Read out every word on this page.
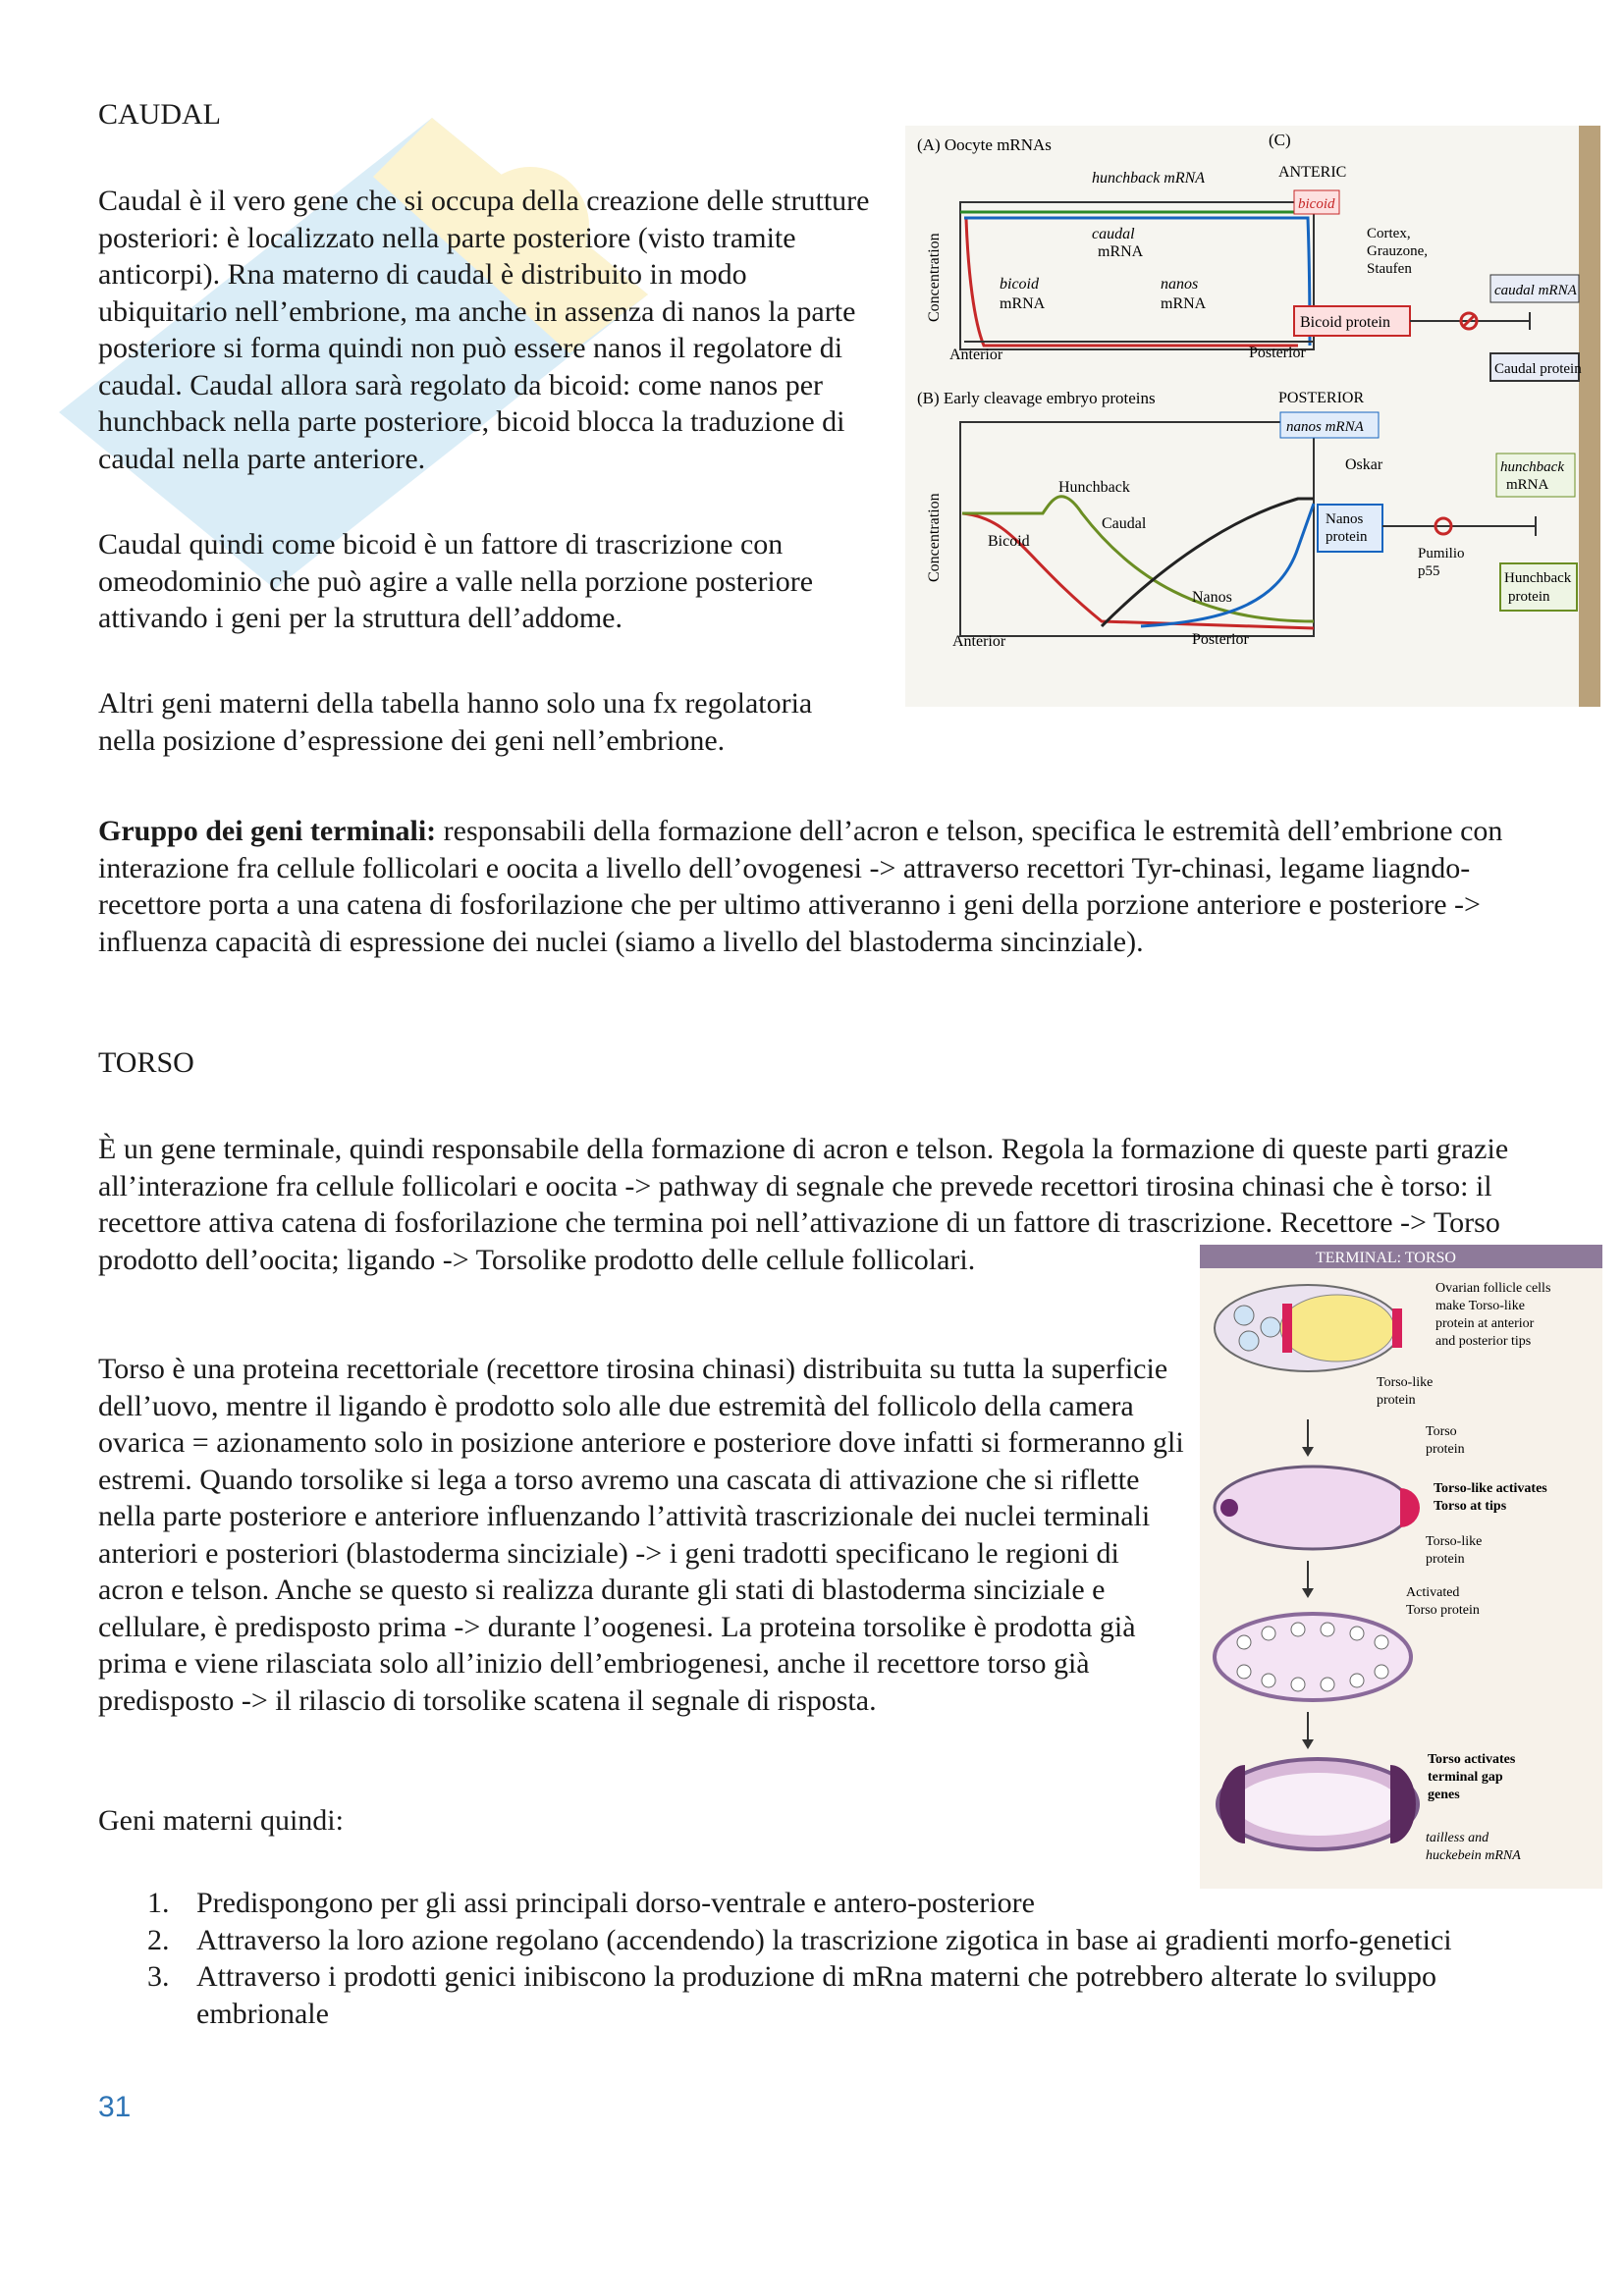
CAUDAL
Caudal è il vero gene che si occupa della creazione delle strutture posteriori: è localizzato nella parte posteriore (visto tramite anticorpi). Rna materno di caudal è distribuito in modo ubiquitario nell’embrione, ma anche in assenza di nanos la parte posteriore si forma quindi non può essere nanos il regolatore di caudal. Caudal allora sarà regolato da bicoid: come nanos per hunchback nella parte posteriore, bicoid blocca la traduzione di caudal nella parte anteriore.
Caudal quindi come bicoid è un fattore di trascrizione con omeodominio che può agire a valle nella porzione posteriore attivando i geni per la struttura dell’addome.
Altri geni materni della tabella hanno solo una fx regolatoria nella posizione d’espressione dei geni nell’embrione.
(A) Oocyte mRNAs
Concentration
hunchback mRNA
caudal
mRNA
bicoid
mRNA
nanos
mRNA
Anterior	Posterior
(B) Early cleavage embryo proteins
Concentration
Hunchback
Bicoid
Caudal
Nanos
Anterior	Posterior
(C)
ANTERIC
bicoid
Cortex,
Grauzone,
Staufen
caudal mRNA
Bicoid protein
Caudal protein
POSTERIOR
nanos mRNA
Oskar	hunchback
mRNA
Nanos
protein
Pumilio
p55	Hunchback
protein
Gruppo dei geni terminali: responsabili della formazione dell’acron e telson, specifica le estremità dell’embrione con interazione fra cellule follicolari e oocita a livello dell’ovogenesi -> attraverso recettori Tyr-chinasi, legame liagndo-recettore porta a una catena di fosforilazione che per ultimo attiveranno i geni della porzione anteriore e posteriore -> influenza capacità di espressione dei nuclei (siamo a livello del blastoderma sincinziale).
TORSO
È un gene terminale, quindi responsabile della formazione di acron e telson. Regola la formazione di queste parti grazie all’interazione fra cellule follicolari e oocita -> pathway di segnale che prevede recettori tirosina chinasi che è torso: il recettore attiva catena di fosforilazione che termina poi nell’attivazione di un fattore di trascrizione. Recettore -> Torso prodotto dell’oocita; ligando -> Torsolike prodotto delle cellule follicolari.	TERMINAL: TORSO
Ovarian follicle cells
make Torso-like
protein at anterior
and posterior tips
Torso-like
protein
Torso
protein
Torso-like activates
Torso at tips
Torso-like
protein
Activated
Torso protein
Torso activates
terminal gap
genes
tailless and
huckebein mRNA
Torso è una proteina recettoriale (recettore tirosina chinasi) distribuita su tutta la superficie dell’uovo, mentre il ligando è prodotto solo alle due estremità del follicolo della camera ovarica = azionamento solo in posizione anteriore e posteriore dove infatti si formeranno gli estremi. Quando torsolike si lega a torso avremo una cascata di attivazione che si riflette nella parte posteriore e anteriore influenzando l’attività trascrizionale dei nuclei terminali anteriori e posteriori (blastoderma sinciziale) -> i geni tradotti specificano le regioni di acron e telson. Anche se questo si realizza durante gli stati di blastoderma sinciziale e cellulare, è predisposto prima -> durante l’oogenesi. La proteina torsolike è prodotta già prima e viene rilasciata solo all’inizio dell’embriogenesi, anche il recettore torso già predisposto -> il rilascio di torsolike scatena il segnale di risposta.
Geni materni quindi:
1. Predispongono per gli assi principali dorso-ventrale e antero-posteriore
2. Attraverso la loro azione regolano (accendendo) la trascrizione zigotica in base ai gradienti morfo-genetici
3. Attraverso i prodotti genici inibiscono la produzione di mRna materni che potrebbero alterate lo sviluppo embrionale
31
